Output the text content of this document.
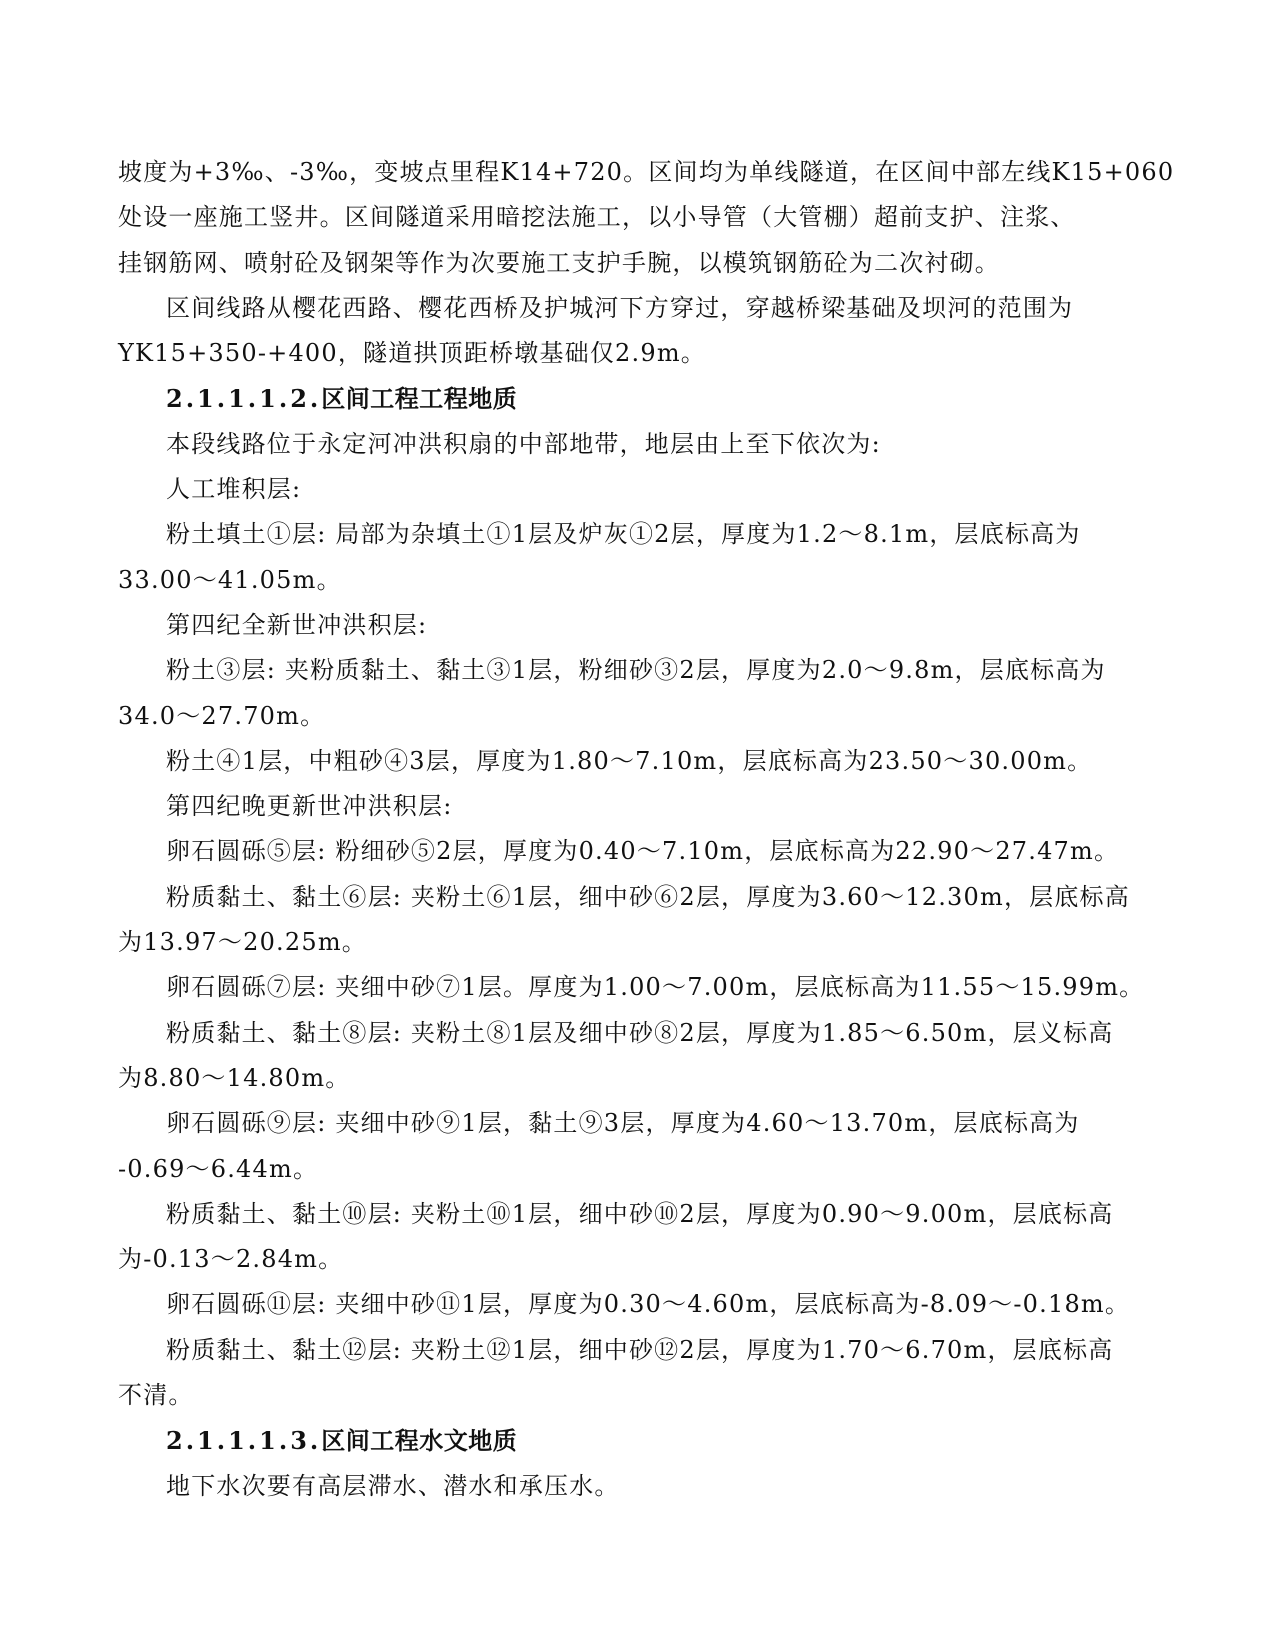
坡度为+3‰、-3‰，变坡点里程K14+720。区间均为单线隧道，在区间中部左线K15+060
处设一座施工竖井。区间隧道采用暗挖法施工，以小导管（大管棚）超前支护、注浆、
挂钢筋网、喷射砼及钢架等作为次要施工支护手腕，以模筑钢筋砼为二次衬砌。
区间线路从樱花西路、樱花西桥及护城河下方穿过，穿越桥梁基础及坝河的范围为
YK15+350-+400，隧道拱顶距桥墩基础仅2.9m。
2.1.1.1.2.区间工程工程地质
本段线路位于永定河冲洪积扇的中部地带，地层由上至下依次为:
人工堆积层:
粉土填土①层: 局部为杂填土①1层及炉灰①2层，厚度为1.2～8.1m，层底标高为
33.00～41.05m。
第四纪全新世冲洪积层:
粉土③层: 夹粉质黏土、黏土③1层，粉细砂③2层，厚度为2.0～9.8m，层底标高为
34.0～27.70m。
粉土④1层，中粗砂④3层，厚度为1.80～7.10m，层底标高为23.50～30.00m。
第四纪晚更新世冲洪积层:
卵石圆砾⑤层: 粉细砂⑤2层，厚度为0.40～7.10m，层底标高为22.90～27.47m。
粉质黏土、黏土⑥层: 夹粉土⑥1层，细中砂⑥2层，厚度为3.60～12.30m，层底标高
为13.97～20.25m。
卵石圆砾⑦层: 夹细中砂⑦1层。厚度为1.00～7.00m，层底标高为11.55～15.99m。
粉质黏土、黏土⑧层: 夹粉土⑧1层及细中砂⑧2层，厚度为1.85～6.50m，层义标高
为8.80～14.80m。
卵石圆砾⑨层: 夹细中砂⑨1层，黏土⑨3层，厚度为4.60～13.70m，层底标高为
-0.69～6.44m。
粉质黏土、黏土⑩层: 夹粉土⑩1层，细中砂⑩2层，厚度为0.90～9.00m，层底标高
为-0.13～2.84m。
卵石圆砾⑪层: 夹细中砂⑪1层，厚度为0.30～4.60m，层底标高为-8.09～-0.18m。
粉质黏土、黏土⑫层: 夹粉土⑫1层，细中砂⑫2层，厚度为1.70～6.70m，层底标高
不清。
2.1.1.1.3.区间工程水文地质
地下水次要有高层滞水、潜水和承压水。
